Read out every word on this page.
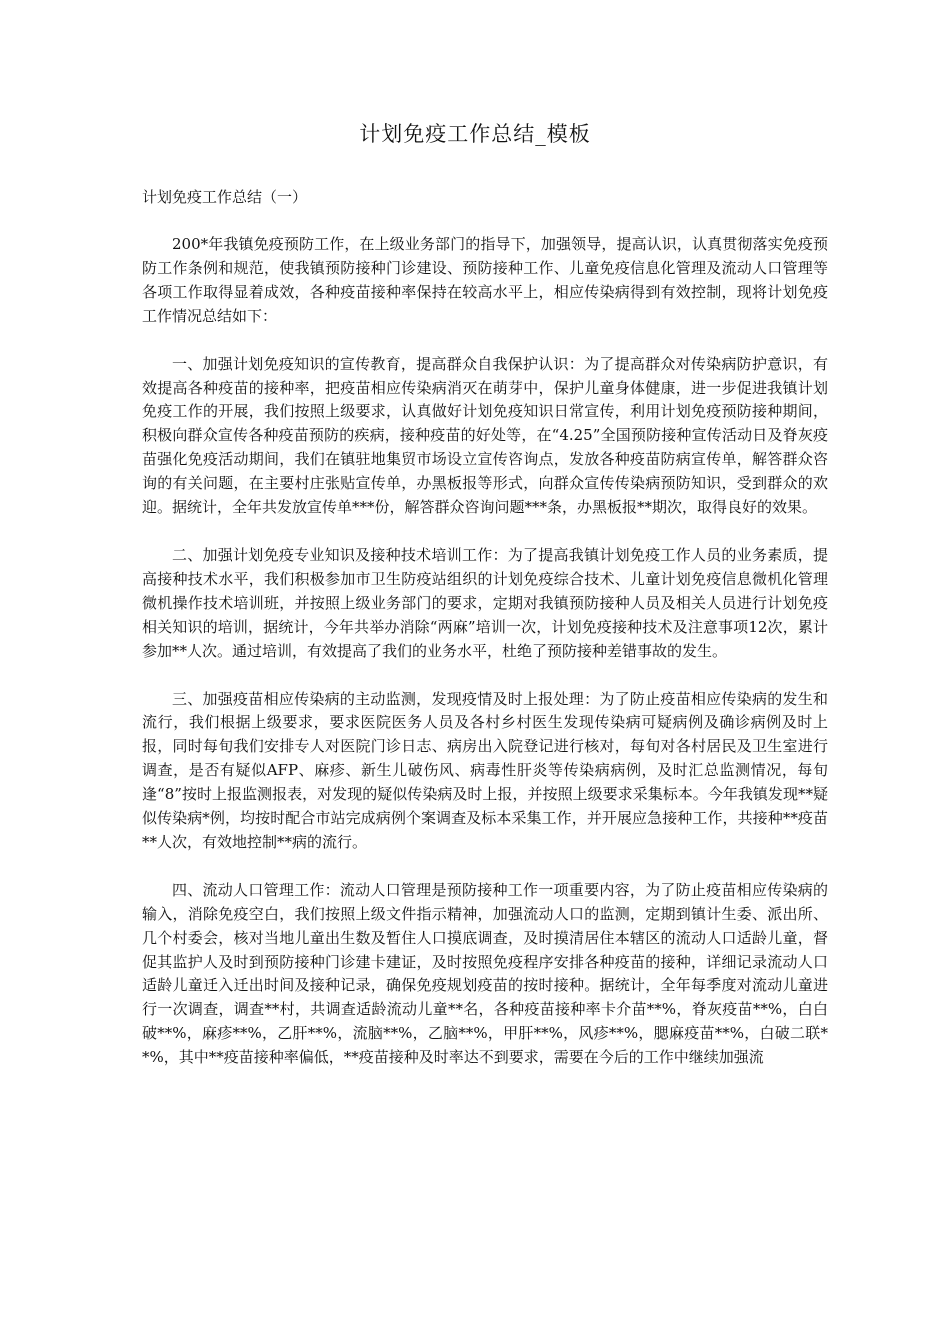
计划免疫工作总结_模板

计划免疫工作总结（一）

200*年我镇免疫预防工作，在上级业务部门的指导下，加强领导，提高认识，认真贯彻落实免疫预防工作条例和规范，使我镇预防接种门诊建设、预防接种工作、儿童免疫信息化管理及流动人口管理等各项工作取得显着成效，各种疫苗接种率保持在较高水平上，相应传染病得到有效控制，现将计划免疫工作情况总结如下：

一、加强计划免疫知识的宣传教育，提高群众自我保护认识：为了提高群众对传染病防护意识，有效提高各种疫苗的接种率，把疫苗相应传染病消灭在萌芽中，保护儿童身体健康，进一步促进我镇计划免疫工作的开展，我们按照上级要求，认真做好计划免疫知识日常宣传，利用计划免疫预防接种期间，积极向群众宣传各种疫苗预防的疾病，接种疫苗的好处等，在“4.25”全国预防接种宣传活动日及脊灰疫苗强化免疫活动期间，我们在镇驻地集贸市场设立宣传咨询点，发放各种疫苗防病宣传单，解答群众咨询的有关问题，在主要村庄张贴宣传单，办黑板报等形式，向群众宣传传染病预防知识，受到群众的欢迎。据统计，全年共发放宣传单***份，解答群众咨询问题***条，办黑板报**期次，取得良好的效果。

二、加强计划免疫专业知识及接种技术培训工作：为了提高我镇计划免疫工作人员的业务素质，提高接种技术水平，我们积极参加市卫生防疫站组织的计划免疫综合技术、儿童计划免疫信息微机化管理微机操作技术培训班，并按照上级业务部门的要求，定期对我镇预防接种人员及相关人员进行计划免疫相关知识的培训，据统计，今年共举办消除“两麻”培训一次，计划免疫接种技术及注意事项12次，累计参加**人次。通过培训，有效提高了我们的业务水平，杜绝了预防接种差错事故的发生。

三、加强疫苗相应传染病的主动监测，发现疫情及时上报处理：为了防止疫苗相应传染病的发生和流行，我们根据上级要求，要求医院医务人员及各村乡村医生发现传染病可疑病例及确诊病例及时上报，同时每旬我们安排专人对医院门诊日志、病房出入院登记进行核对，每旬对各村居民及卫生室进行调查，是否有疑似AFP、麻疹、新生儿破伤风、病毒性肝炎等传染病病例，及时汇总监测情况，每旬逢“8”按时上报监测报表，对发现的疑似传染病及时上报，并按照上级要求采集标本。今年我镇发现**疑似传染病*例，均按时配合市站完成病例个案调查及标本采集工作，并开展应急接种工作，共接种**疫苗**人次，有效地控制**病的流行。

四、流动人口管理工作：流动人口管理是预防接种工作一项重要内容，为了防止疫苗相应传染病的输入，消除免疫空白，我们按照上级文件指示精神，加强流动人口的监测，定期到镇计生委、派出所、几个村委会，核对当地儿童出生数及暂住人口摸底调查，及时摸清居住本辖区的流动人口适龄儿童，督促其监护人及时到预防接种门诊建卡建证，及时按照免疫程序安排各种疫苗的接种，详细记录流动人口适龄儿童迁入迁出时间及接种记录，确保免疫规划疫苗的按时接种。据统计，全年每季度对流动儿童进行一次调查，调查**村，共调查适龄流动儿童**名，各种疫苗接种率卡介苗**%，脊灰疫苗**%，白白破**%，麻疹**%，乙肝**%，流脑**%，乙脑**%，甲肝**%，风疹**%，腮麻疫苗**%，白破二联**%，其中**疫苗接种率偏低，**疫苗接种及时率达不到要求，需要在今后的工作中继续加强流
